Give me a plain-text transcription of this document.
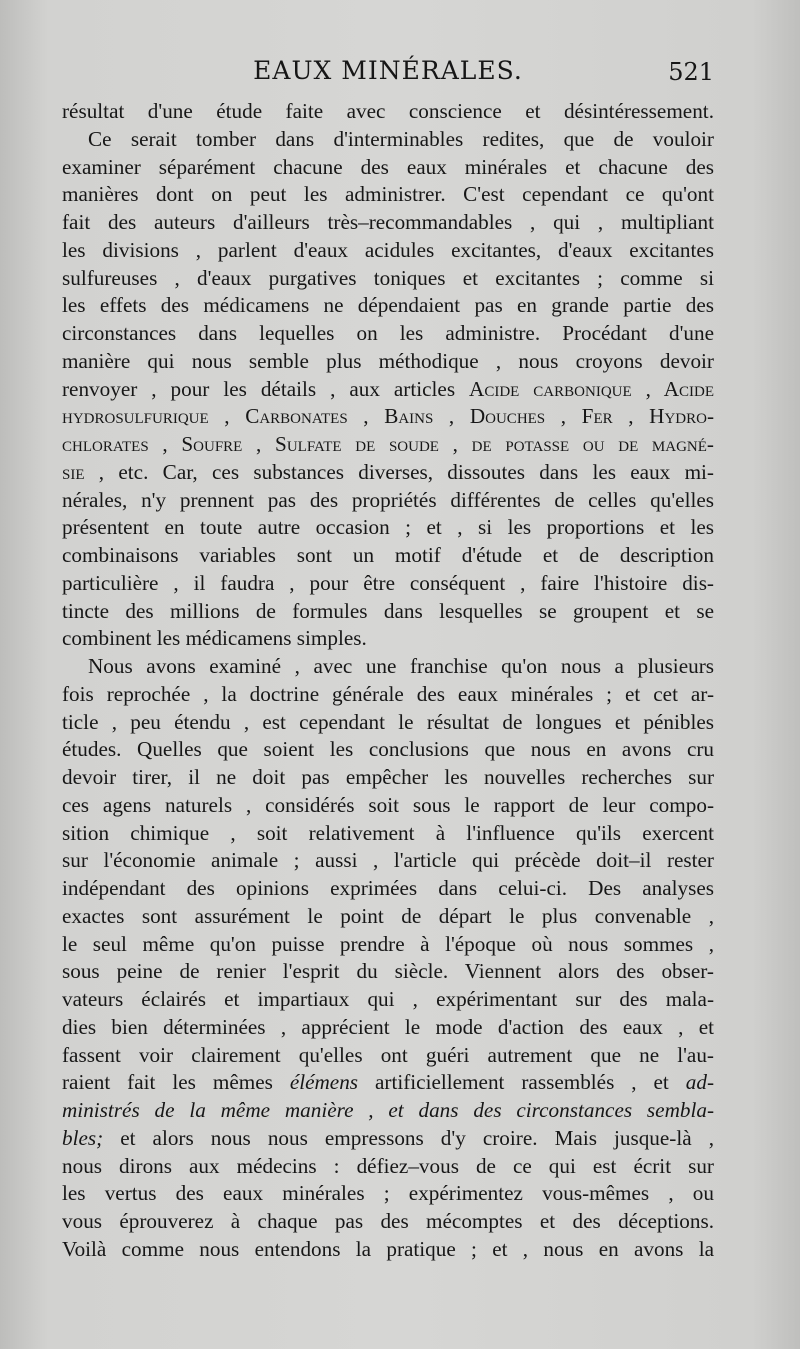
EAUX MINÉRALES.	521
résultat d'une étude faite avec conscience et désintéressement.
Ce serait tomber dans d'interminables redites, que de vouloir
examiner séparément chacune des eaux minérales et chacune des
manières dont on peut les administrer. C'est cependant ce qu'ont
fait des auteurs d'ailleurs très–recommandables , qui , multipliant
les divisions , parlent d'eaux acidules excitantes, d'eaux excitantes
sulfureuses , d'eaux purgatives toniques et excitantes ; comme si
les effets des médicamens ne dépendaient pas en grande partie des
circonstances dans lequelles on les administre. Procédant d'une
manière qui nous semble plus méthodique , nous croyons devoir
renvoyer , pour les détails , aux articles Acide carbonique , Acide
hydrosulfurique , Carbonates , Bains , Douches , Fer , Hydro-
chlorates , Soufre , Sulfate de soude , de potasse ou de magné-
sie , etc. Car, ces substances diverses, dissoutes dans les eaux mi-
nérales, n'y prennent pas des propriétés différentes de celles qu'elles
présentent en toute autre occasion ; et , si les proportions et les
combinaisons variables sont un motif d'étude et de description
particulière , il faudra , pour être conséquent , faire l'histoire dis-
tincte des millions de formules dans lesquelles se groupent et se
combinent les médicamens simples.
Nous avons examiné , avec une franchise qu'on nous a plusieurs
fois reprochée , la doctrine générale des eaux minérales ; et cet ar-
ticle , peu étendu , est cependant le résultat de longues et pénibles
études. Quelles que soient les conclusions que nous en avons cru
devoir tirer, il ne doit pas empêcher les nouvelles recherches sur
ces agens naturels , considérés soit sous le rapport de leur compo-
sition chimique , soit relativement à l'influence qu'ils exercent
sur l'économie animale ; aussi , l'article qui précède doit–il rester
indépendant des opinions exprimées dans celui-ci. Des analyses
exactes sont assurément le point de départ le plus convenable ,
le seul même qu'on puisse prendre à l'époque où nous sommes ,
sous peine de renier l'esprit du siècle. Viennent alors des obser-
vateurs éclairés et impartiaux qui , expérimentant sur des mala-
dies bien déterminées , apprécient le mode d'action des eaux , et
fassent voir clairement qu'elles ont guéri autrement que ne l'au-
raient fait les mêmes élémens artificiellement rassemblés , et ad-
ministrés de la même manière , et dans des circonstances sembla-
bles; et alors nous nous empressons d'y croire. Mais jusque-là ,
nous dirons aux médecins : défiez–vous de ce qui est écrit sur
les vertus des eaux minérales ; expérimentez vous-mêmes , ou
vous éprouverez à chaque pas des mécomptes et des déceptions.
Voilà comme nous entendons la pratique ; et , nous en avons la
